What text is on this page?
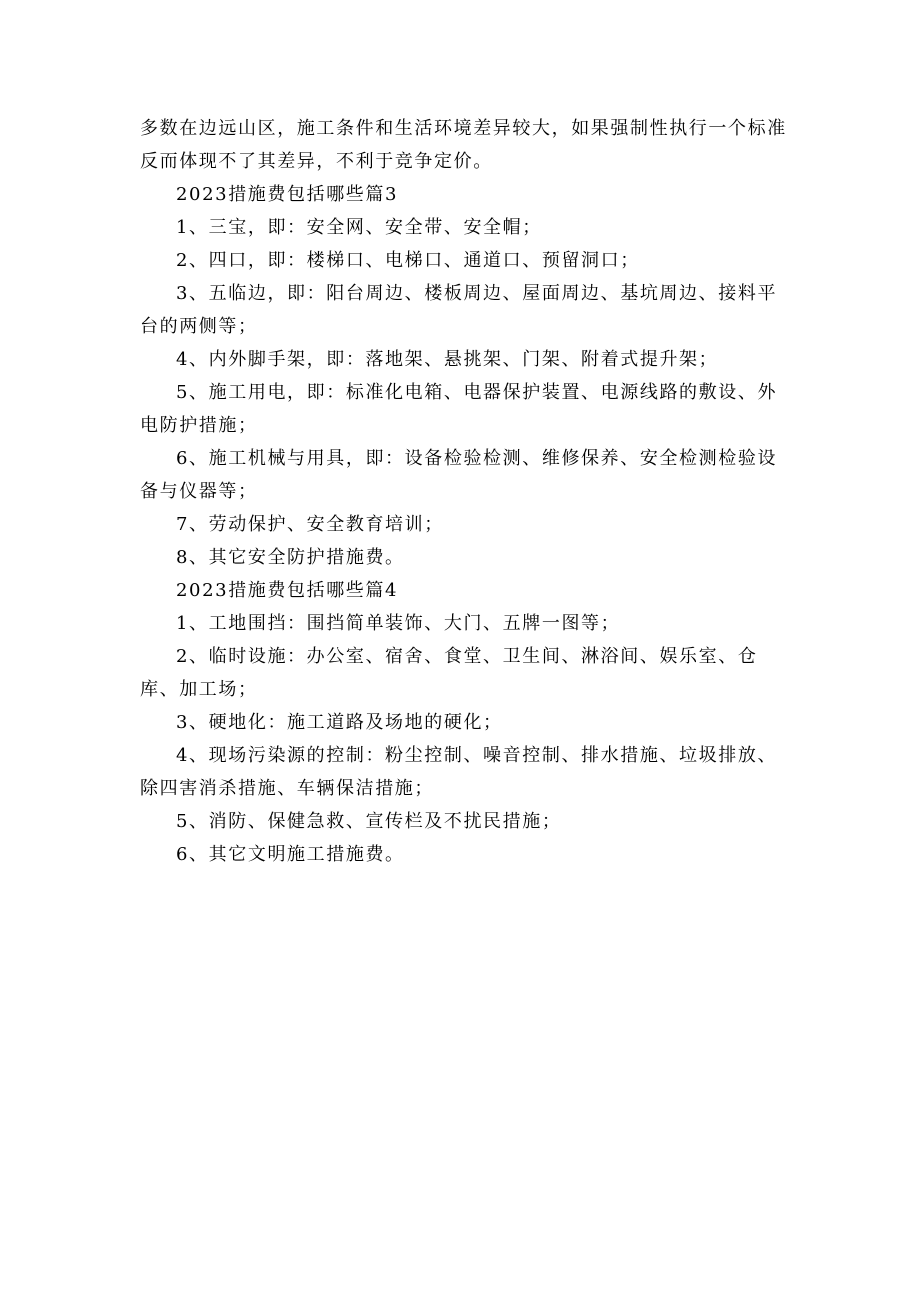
多数在边远山区，施工条件和生活环境差异较大，如果强制性执行一个标准反而体现不了其差异，不利于竞争定价。

2023措施费包括哪些篇3

1、三宝，即：安全网、安全带、安全帽；

2、四口，即：楼梯口、电梯口、通道口、预留洞口；

3、五临边，即：阳台周边、楼板周边、屋面周边、基坑周边、接料平台的两侧等；

4、内外脚手架，即：落地架、悬挑架、门架、附着式提升架；

5、施工用电，即：标准化电箱、电器保护装置、电源线路的敷设、外电防护措施；

6、施工机械与用具，即：设备检验检测、维修保养、安全检测检验设备与仪器等；

7、劳动保护、安全教育培训；

8、其它安全防护措施费。

2023措施费包括哪些篇4

1、工地围挡：围挡简单装饰、大门、五牌一图等；

2、临时设施：办公室、宿舍、食堂、卫生间、淋浴间、娱乐室、仓库、加工场；

3、硬地化：施工道路及场地的硬化；

4、现场污染源的控制：粉尘控制、噪音控制、排水措施、垃圾排放、除四害消杀措施、车辆保洁措施；

5、消防、保健急救、宣传栏及不扰民措施；

6、其它文明施工措施费。
